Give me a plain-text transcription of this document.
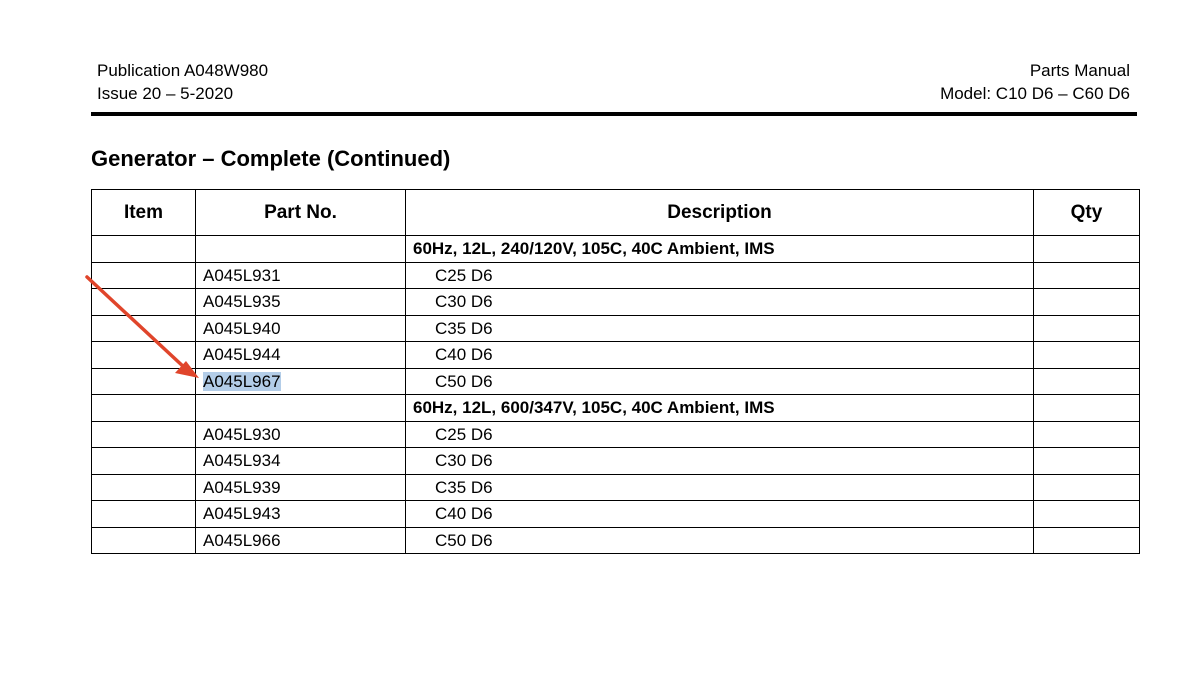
Publication A048W980
Issue 20 – 5-2020
Parts Manual
Model: C10 D6 – C60 D6
Generator – Complete (Continued)
Item	Part No.	Description	Qty
		60Hz, 12L, 240/120V, 105C, 40C Ambient, IMS	
	A045L931	C25 D6	
	A045L935	C30 D6	
	A045L940	C35 D6	
	A045L944	C40 D6	
	A045L967	C50 D6	
		60Hz, 12L, 600/347V, 105C, 40C Ambient, IMS	
	A045L930	C25 D6	
	A045L934	C30 D6	
	A045L939	C35 D6	
	A045L943	C40 D6	
	A045L966	C50 D6	
